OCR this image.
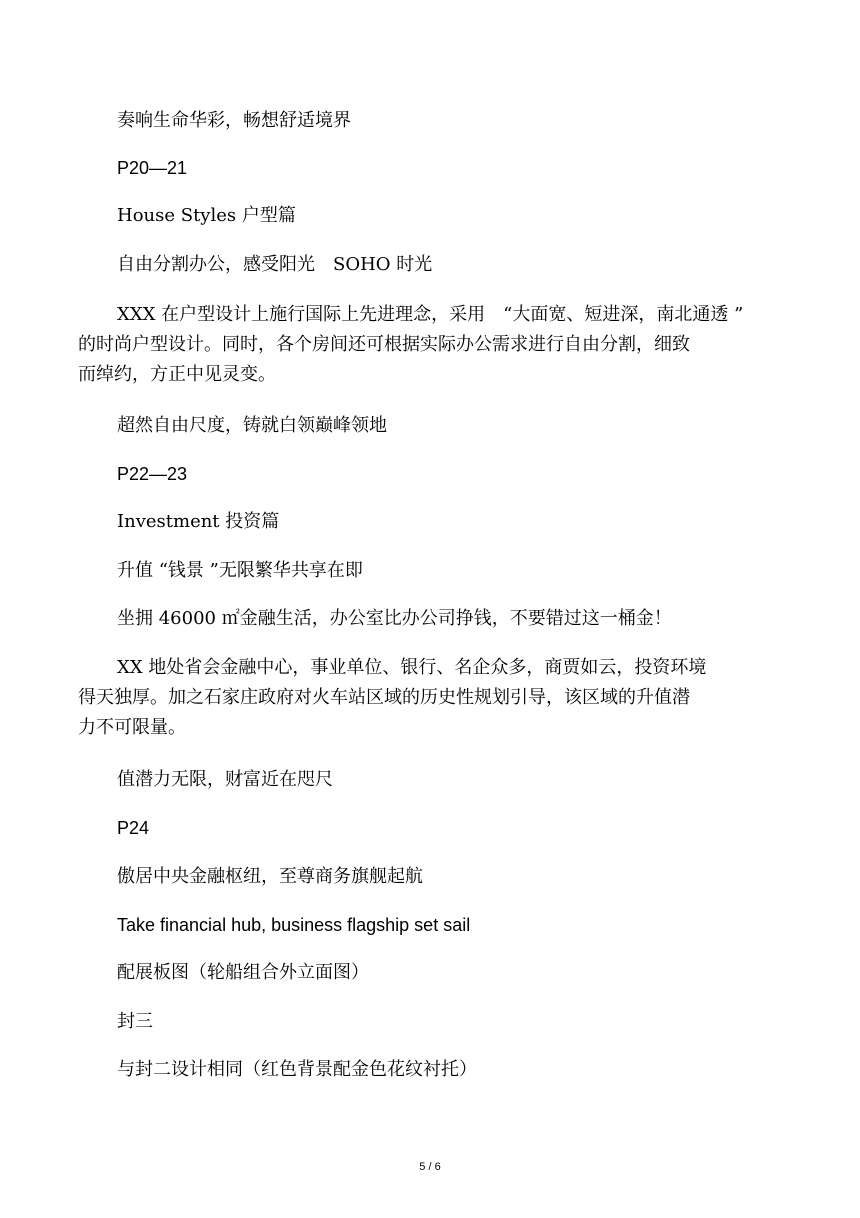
奏响生命华彩，畅想舒适境界
P20—21
House Styles 户型篇
自由分割办公，感受阳光　SOHO 时光
XXX 在户型设计上施行国际上先进理念，采用　“大面宽、短进深，南北通透 ”
的时尚户型设计。同时，各个房间还可根据实际办公需求进行自由分割，细致
而绰约，方正中见灵变。
超然自由尺度，铸就白领巅峰领地
P22—23
Investment 投资篇
升值 “钱景 ”无限繁华共享在即
坐拥 46000 ㎡金融生活，办公室比办公司挣钱，不要错过这一桶金！
XX 地处省会金融中心，事业单位、银行、名企众多，商贾如云，投资环境
得天独厚。加之石家庄政府对火车站区域的历史性规划引导，该区域的升值潜
力不可限量。
值潜力无限，财富近在咫尺
P24
傲居中央金融枢纽，至尊商务旗舰起航
Take financial hub, business flagship set sail
配展板图（轮船组合外立面图）
封三
与封二设计相同（红色背景配金色花纹衬托）
5 / 6
